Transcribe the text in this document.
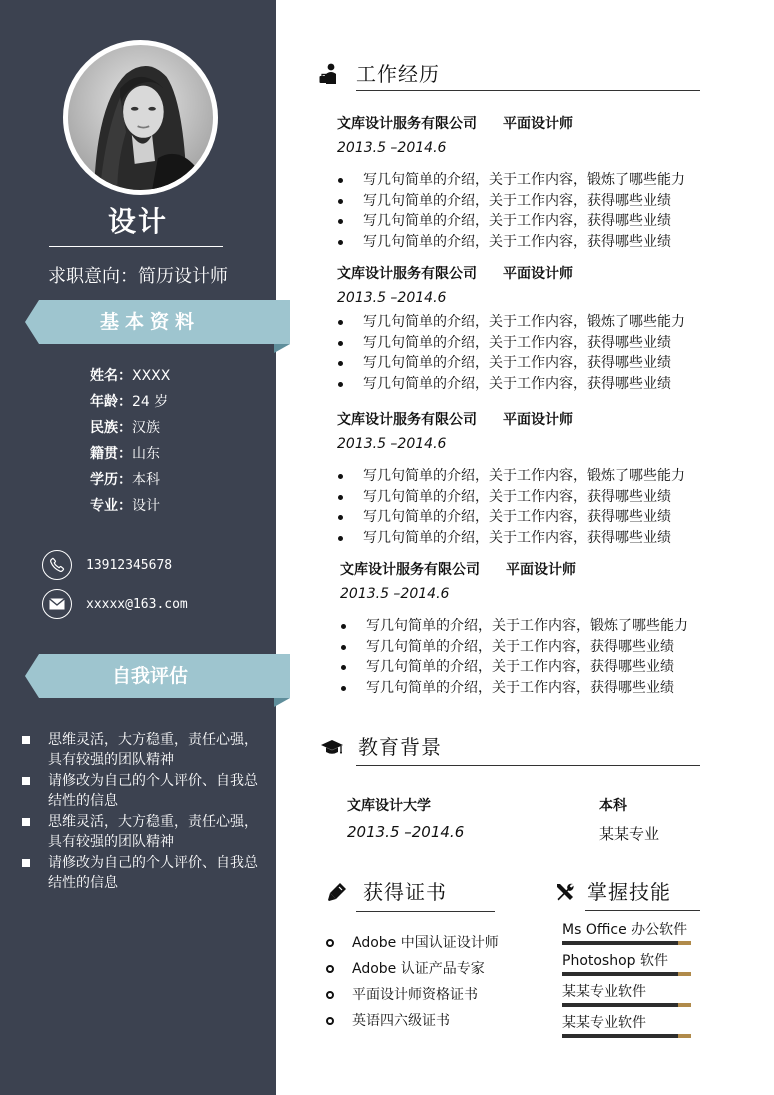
设计
求职意向：简历设计师
基本资料
姓名：XXXX
年龄：24 岁
民族：汉族
籍贯：山东
学历：本科
专业：设计
13912345678
xxxxx@163.com
自我评估
思维灵活，大方稳重，责任心强，具有较强的团队精神
请修改为自己的个人评价、自我总结性的信息
思维灵活，大方稳重，责任心强，具有较强的团队精神
请修改为自己的个人评价、自我总结性的信息
工作经历
文库设计服务有限公司 平面设计师
2013.5 –2014.6
写几句简单的介绍，关于工作内容，锻炼了哪些能力
写几句简单的介绍，关于工作内容，获得哪些业绩
写几句简单的介绍，关于工作内容，获得哪些业绩
写几句简单的介绍，关于工作内容，获得哪些业绩
文库设计服务有限公司 平面设计师
2013.5 –2014.6
写几句简单的介绍，关于工作内容，锻炼了哪些能力
写几句简单的介绍，关于工作内容，获得哪些业绩
写几句简单的介绍，关于工作内容，获得哪些业绩
写几句简单的介绍，关于工作内容，获得哪些业绩
文库设计服务有限公司 平面设计师
2013.5 –2014.6
写几句简单的介绍，关于工作内容，锻炼了哪些能力
写几句简单的介绍，关于工作内容，获得哪些业绩
写几句简单的介绍，关于工作内容，获得哪些业绩
写几句简单的介绍，关于工作内容，获得哪些业绩
文库设计服务有限公司 平面设计师
2013.5 –2014.6
写几句简单的介绍，关于工作内容，锻炼了哪些能力
写几句简单的介绍，关于工作内容，获得哪些业绩
写几句简单的介绍，关于工作内容，获得哪些业绩
写几句简单的介绍，关于工作内容，获得哪些业绩
教育背景
文库设计大学	本科
2013.5 –2014.6	某某专业
获得证书
Adobe 中国认证设计师
Adobe 认证产品专家
平面设计师资格证书
英语四六级证书
掌握技能
Ms Office 办公软件
Photoshop 软件
某某专业软件
某某专业软件
